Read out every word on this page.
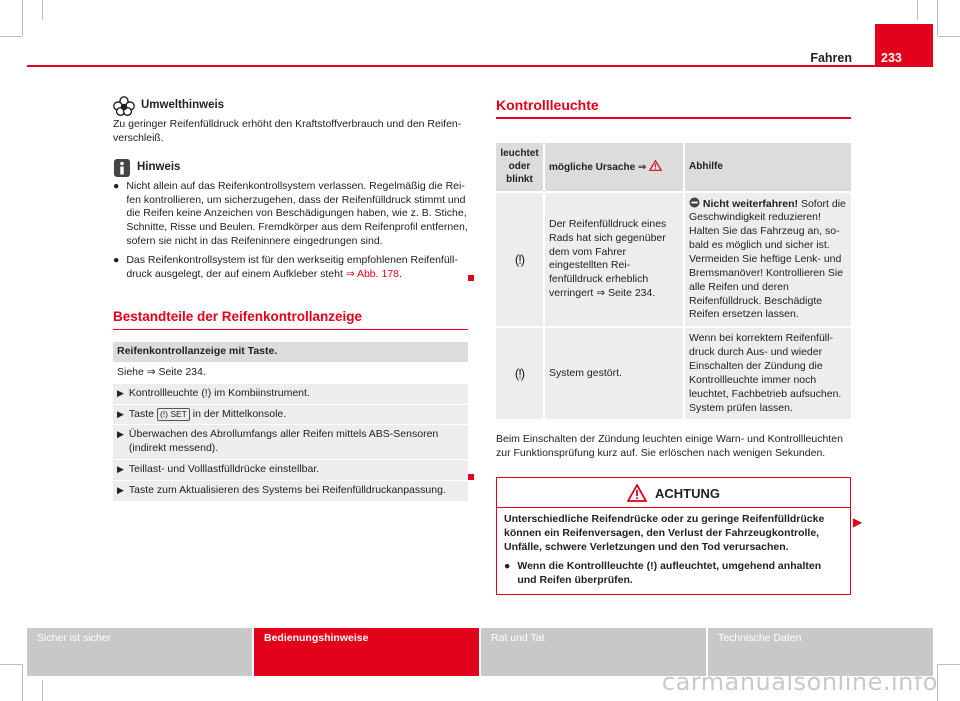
Fahren	233
Umwelthinweis

Zu geringer Reifenfülldruck erhöht den Kraftstoffverbrauch und den Reifenverschleiß.

Hinweis
● Nicht allein auf das Reifenkontrollsystem verlassen. Regelmäßig die Reifen kontrollieren, um sicherzugehen, dass der Reifenfülldruck stimmt und die Reifen keine Anzeichen von Beschädigungen haben, wie z. B. Stiche, Schnitte, Risse und Beulen. Fremdkörper aus dem Reifenprofil entfernen, sofern sie nicht in das Reifeninnere eingedrungen sind.
● Das Reifenkontrollsystem ist für den werkseitig empfohlenen Reifenfülldruck ausgelegt, der auf einem Aufkleber steht ⇒ Abb. 178.
Bestandteile der Reifenkontrollanzeige
Reifenkontrollanzeige mit Taste.
Siehe ⇒ Seite 234.
▶ Kontrollleuchte (!) im Kombiinstrument.
▶ Taste (!) SET in der Mittelkonsole.
▶ Überwachen des Abrollumfangs aller Reifen mittels ABS-Sensoren (indirekt messend).
▶ Teillast- und Volllastfülldrücke einstellbar.
▶ Taste zum Aktualisieren des Systems bei Reifenfülldruckanpassung.
Kontrollleuchte
leuchtet oder blinkt	mögliche Ursache ⇒	Abhilfe
(!)	Der Reifenfülldruck eines Rads hat sich gegenüber dem vom Fahrer eingestellten Reifenfülldruck erheblich verringert ⇒ Seite 234.	Nicht weiterfahren! Sofort die Geschwindigkeit reduzieren! Halten Sie das Fahrzeug an, sobald es möglich und sicher ist. Vermeiden Sie heftige Lenk- und Bremsmanöver! Kontrollieren Sie alle Reifen und deren Reifenfülldruck. Beschädigte Reifen ersetzen lassen.
(!)	System gestört.	Wenn bei korrektem Reifenfülldruck durch Aus- und wieder Einschalten der Zündung die Kontrollleuchte immer noch leuchtet, Fachbetrieb aufsuchen. System prüfen lassen.

Beim Einschalten der Zündung leuchten einige Warn- und Kontrollleuchten zur Funktionsprüfung kurz auf. Sie erlöschen nach wenigen Sekunden.

ACHTUNG

Unterschiedliche Reifendrücke oder zu geringe Reifenfülldrücke können ein Reifenversagen, den Verlust der Fahrzeugkontrolle, Unfälle, schwere Verletzungen und den Tod verursachen.

● Wenn die Kontrollleuchte (!) aufleuchtet, umgehend anhalten und Reifen überprüfen.
▶
Sicher ist sicher	Bedienungshinweise	Rat und Tat	Technische Daten
carmanualsonline.info
